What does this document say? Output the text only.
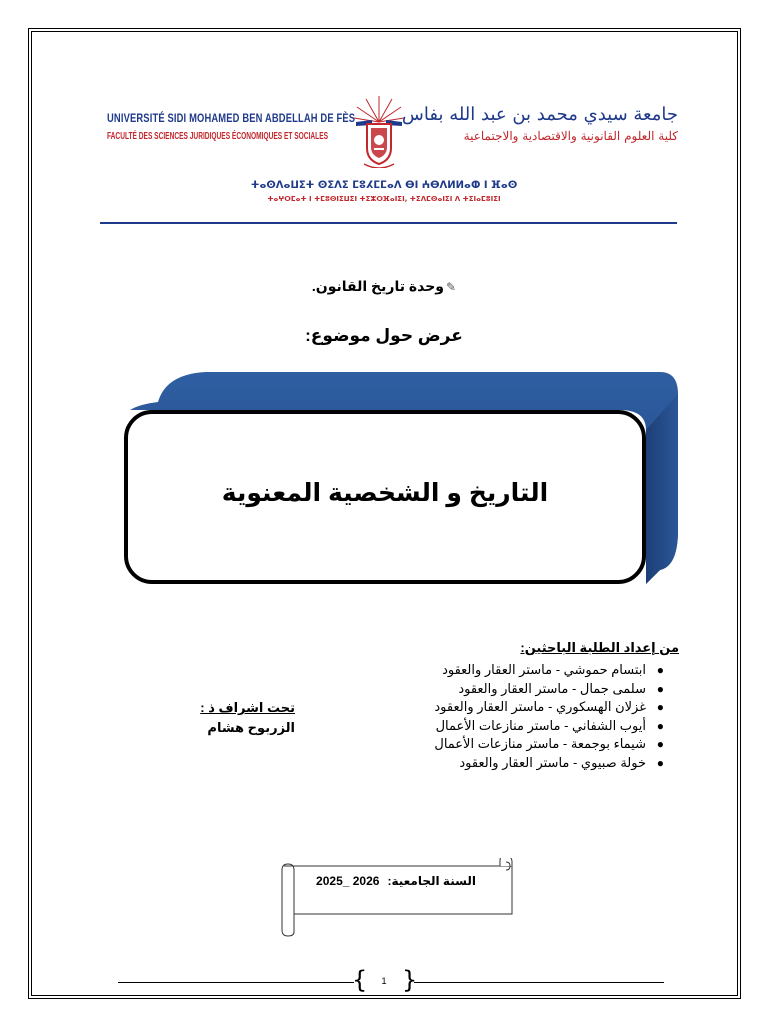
UNIVERSITÉ SIDI MOHAMED BEN ABDELLAH DE FÈS
FACULTÉ DES SCIENCES JURIDIQUES ÉCONOMIQUES ET SOCIALES
جامعة سيدي محمد بن عبد الله بفاس
كلية العلوم القانونية والاقتصادية والاجتماعية
ⵜⴰⵙⴷⴰⵡⵉⵜ ⵙⵉⴷⵉ ⵎⵓⵃⵎⵎⴰⴷ ⴱⵏ ⵄⴱⴷⵍⵍⴰⵀ ⵏ ⴼⴰⵙ
ⵜⴰⵖⵔⵎⴰⵜ ⵏ ⵜⵎⵓⵙⵏⵉⵡⵉⵏ ⵜⵉⵣⵔⴼⴰⵏⵉⵏ, ⵜⵉⴷⵎⵙⴰⵏⵉⵏ ⴷ ⵜⵉⵏⴰⵎⵓⵏⵉⵏ
✎وحدة تاريخ القانون.
عرض حول موضوع:
التاريخ و الشخصية المعنوية
من إعداد الطلبة الباحثين:
●
ابتسام حموشي - ماستر العقار والعقود
●
سلمى جمال - ماستر العقار والعقود
●
غزلان الهسكوري - ماستر العقار والعقود
●
أيوب الشفاني - ماستر منازعات الأعمال
●
شيماء بوجمعة - ماستر منازعات الأعمال
●
خولة صبيوي - ماستر العقار والعقود
تحت اشراف ذ :
الزربوح هشام
السنة الجامعية:2025_ 2026
{ }
1
